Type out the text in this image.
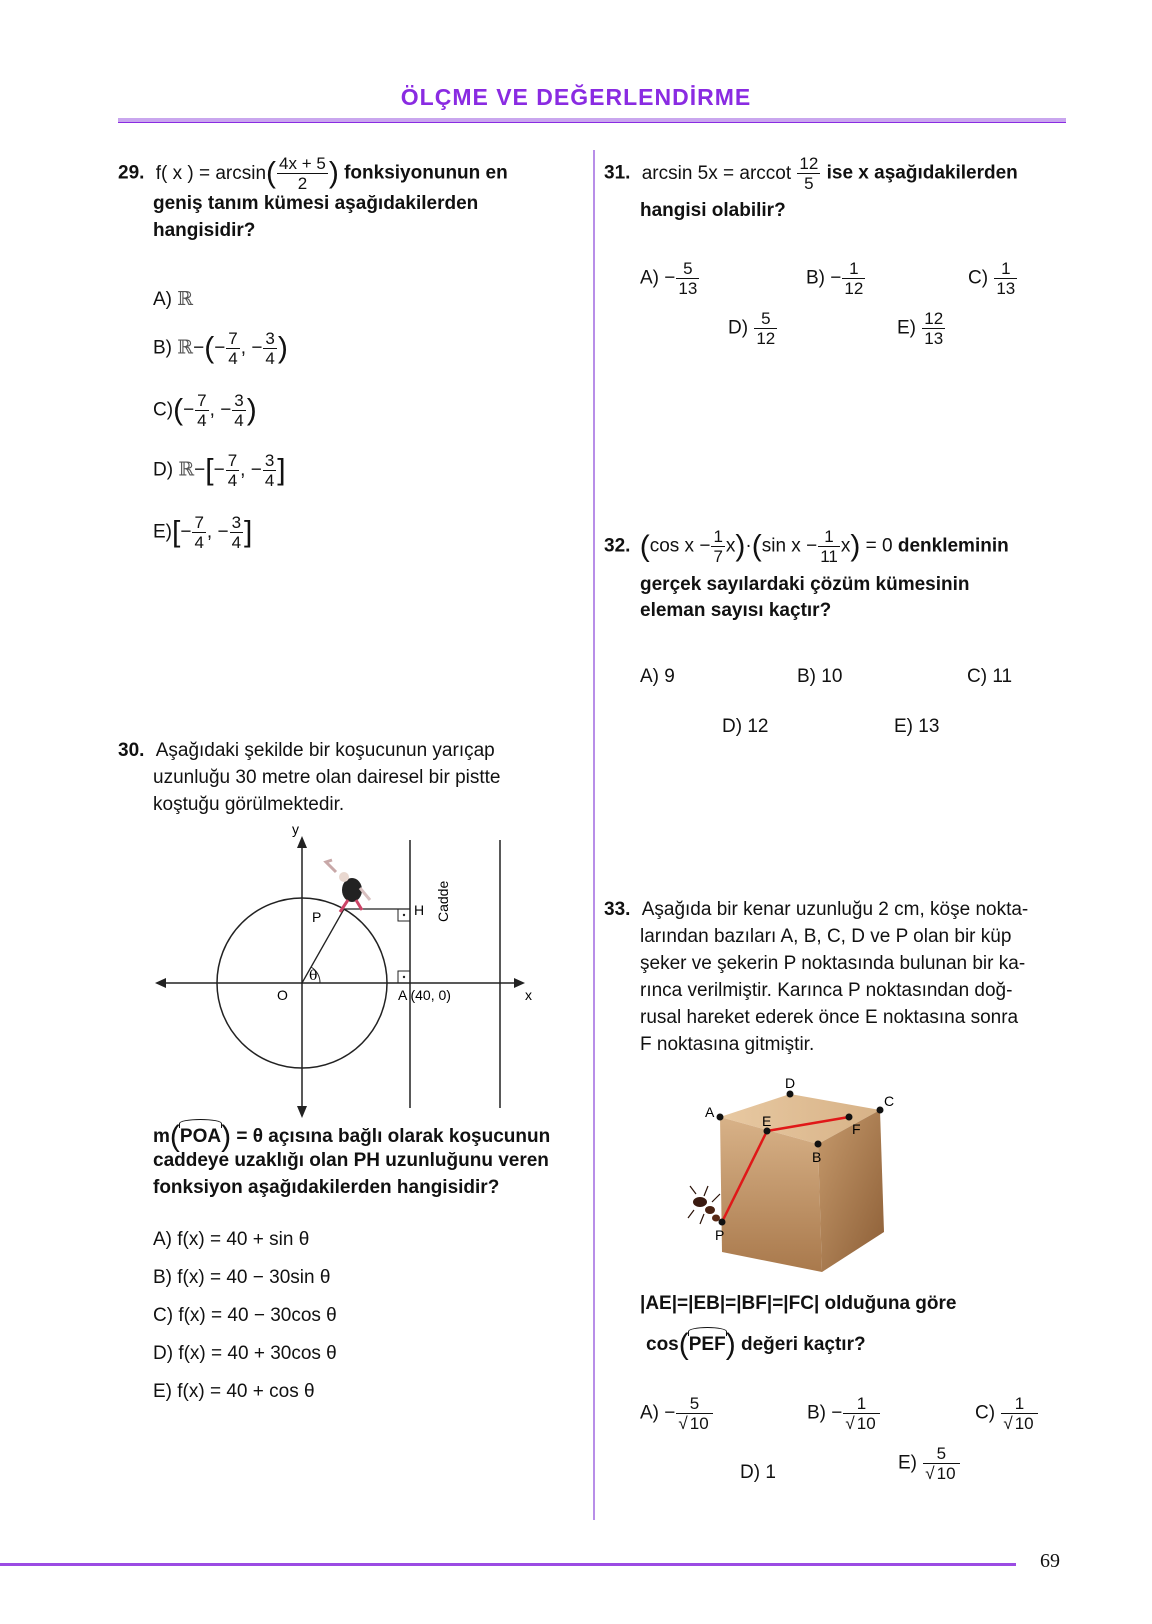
ÖLÇME VE DEĞERLENDİRME
29. f( x ) = $\arcsin( \frac{4x + 5}{2}$ ) fonksiyonunun en
geniş tanım kümesi aşağıdakilerden
hangisidir?
A) ℝ
B) ℝ−(− $\frac{7}{4}$ , − $\frac{3}{4}$ )
$C)(- \frac{7}{4}$ , − $\frac{3}{4}$ )
D) ℝ−[− $\frac{7}{4}$ , − $\frac{3}{4}$ ]
$E)[- \frac{7}{4}$ , − $\frac{3}{4}$ ]
30. Aşağıdaki şekilde bir koşucunun yarıçap
uzunluğu 30 metre olan dairesel bir pistte
koştuğu görülmektedir.
y
x
O
P	H
θ
A (40, 0)
Cadde
m(POA) = θ açısına bağlı olarak koşucunun
caddeye uzaklığı olan PH uzunluğunu veren
fonksiyon aşağıdakilerden hangisidir?
A) f(x) = 40 + sin θ
B) f(x) = 40 − 30sin θ
C) f(x) = 40 − 30cos θ
D) f(x) = 40 + 30cos θ
E) f(x) = 40 + cos θ
31. arcsin 5x = arccot $\frac{12}{5}$ ise x aşağıdakilerden
hangisi olabilir?
$A) - \frac{5}{13}$	$B) - \frac{1}{12}$	$C) \frac{1}{13}$
$D) \frac{5}{12}$	$E) \frac{12}{13}$
32. (cos $x - \frac{1}{7} x)\cdot(\sin$ $x - \frac{1}{11} x) = 0$ denkleminin
gerçek sayılardaki çözüm kümesinin
eleman sayısı kaçtır?
A) 9	B) 10	C) 11
D) 12	E) 13
33. Aşağıda bir kenar uzunluğu 2 cm, köşe nokta-
larından bazıları A, B, C, D ve P olan bir küp
şeker ve şekerin P noktasında bulunan bir ka-
rınca verilmiştir. Karınca P noktasından doğ-
rusal hareket ederek önce E noktasına sonra
F noktasına gitmiştir.
A
D
C
B
E	F
P
|AE|=|EB|=|BF|=|FC| olduğuna göre
cos(PEF) değeri kaçtır?
$A) - \frac{5}{√ 10}$	$B) - \frac{1}{√ 10}$	$C) \frac{1}{√ 10}$
D) 1	$E) \frac{5}{√ 10}$
69
